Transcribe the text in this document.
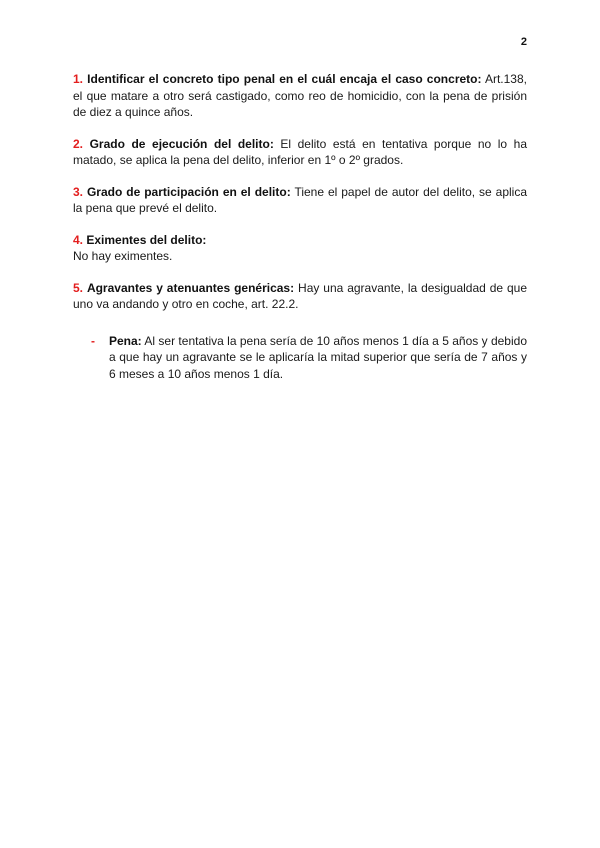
2
1. Identificar el concreto tipo penal en el cuál encaja el caso concreto: Art.138, el que matare a otro será castigado, como reo de homicidio, con la pena de prisión de diez a quince años.
2. Grado de ejecución del delito: El delito está en tentativa porque no lo ha matado, se aplica la pena del delito, inferior en 1º o 2º grados.
3. Grado de participación en el delito: Tiene el papel de autor del delito, se aplica la pena que prevé el delito.
4. Eximentes del delito:
No hay eximentes.
5. Agravantes y atenuantes genéricas: Hay una agravante, la desigualdad de que uno va andando y otro en coche, art. 22.2.
- Pena: Al ser tentativa la pena sería de 10 años menos 1 día a 5 años y debido a que hay un agravante se le aplicaría la mitad superior que sería de 7 años y 6 meses a 10 años menos 1 día.
